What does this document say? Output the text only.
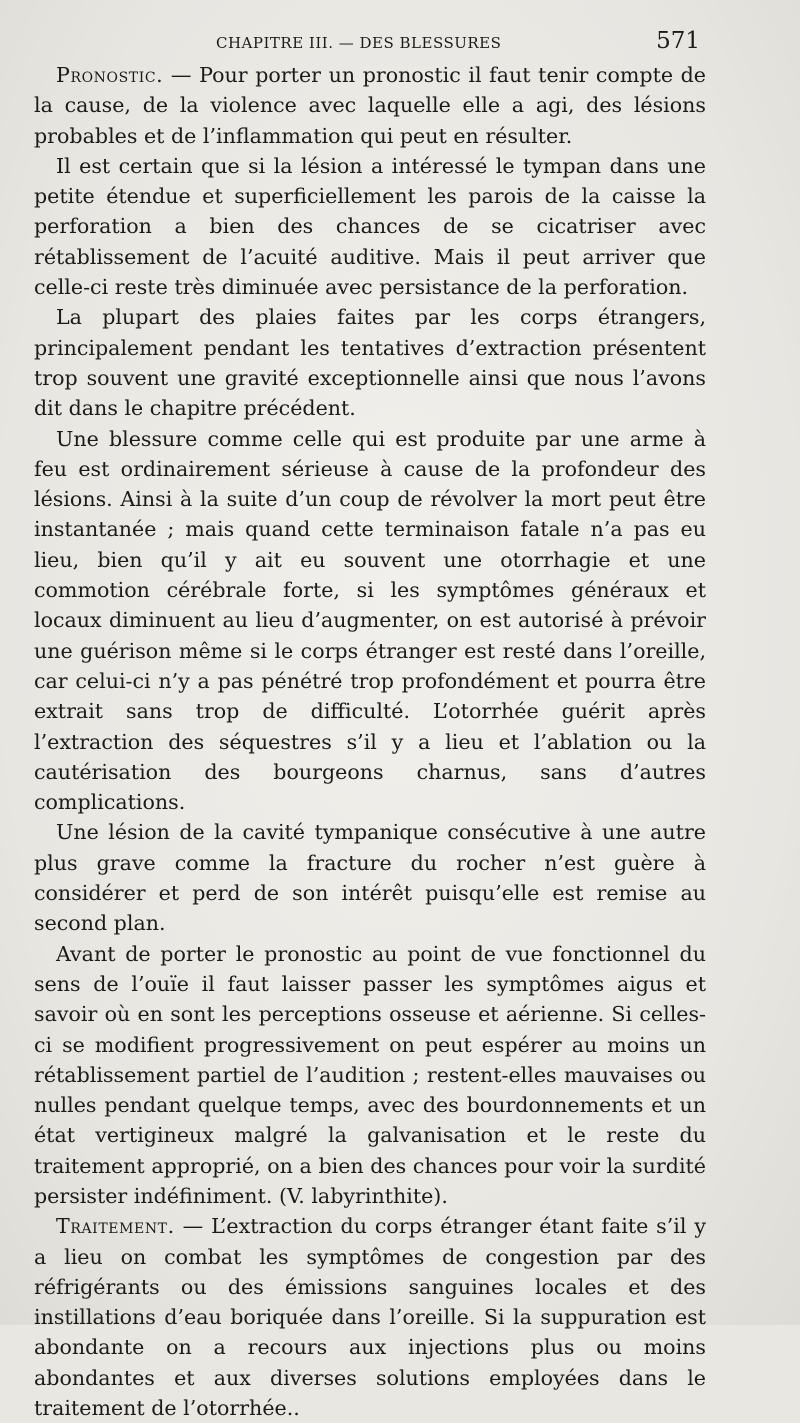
CHAPITRE III. — DES BLESSURES	571

Pronostic. — Pour porter un pronostic il faut tenir compte de la cause, de la violence avec laquelle elle a agi, des lésions probables et de l’inflammation qui peut en résulter.

Il est certain que si la lésion a intéressé le tympan dans une petite étendue et superficiellement les parois de la caisse la perforation a bien des chances de se cicatriser avec rétablissement de l’acuité auditive. Mais il peut arriver que celle-ci reste très diminuée avec persistance de la perforation.

La plupart des plaies faites par les corps étrangers, principalement pendant les tentatives d’extraction présentent trop souvent une gravité exceptionnelle ainsi que nous l’avons dit dans le chapitre précédent.

Une blessure comme celle qui est produite par une arme à feu est ordinairement sérieuse à cause de la profondeur des lésions. Ainsi à la suite d’un coup de révolver la mort peut être instantanée ; mais quand cette terminaison fatale n’a pas eu lieu, bien qu’il y ait eu souvent une otorrhagie et une commotion cérébrale forte, si les symptômes généraux et locaux diminuent au lieu d’augmenter, on est autorisé à prévoir une guérison même si le corps étranger est resté dans l’oreille, car celui-ci n’y a pas pénétré trop profondément et pourra être extrait sans trop de difficulté. L’otorrhée guérit après l’extraction des séquestres s’il y a lieu et l’ablation ou la cautérisation des bourgeons charnus, sans d’autres complications.

Une lésion de la cavité tympanique consécutive à une autre plus grave comme la fracture du rocher n’est guère à considérer et perd de son intérêt puisqu’elle est remise au second plan.

Avant de porter le pronostic au point de vue fonctionnel du sens de l’ouïe il faut laisser passer les symptômes aigus et savoir où en sont les perceptions osseuse et aérienne. Si celles-ci se modifient progressivement on peut espérer au moins un rétablissement partiel de l’audition ; restent-elles mauvaises ou nulles pendant quelque temps, avec des bourdonnements et un état vertigineux malgré la galvanisation et le reste du traitement approprié, on a bien des chances pour voir la surdité persister indéfiniment. (V. labyrinthite).

Traitement. — L’extraction du corps étranger étant faite s’il y a lieu on combat les symptômes de congestion par des réfrigérants ou des émissions sanguines locales et des instillations d’eau boriquée dans l’oreille. Si la suppuration est abondante on a recours aux injections plus ou moins abondantes et aux diverses solutions employées dans le traitement de l’otorrhée..
